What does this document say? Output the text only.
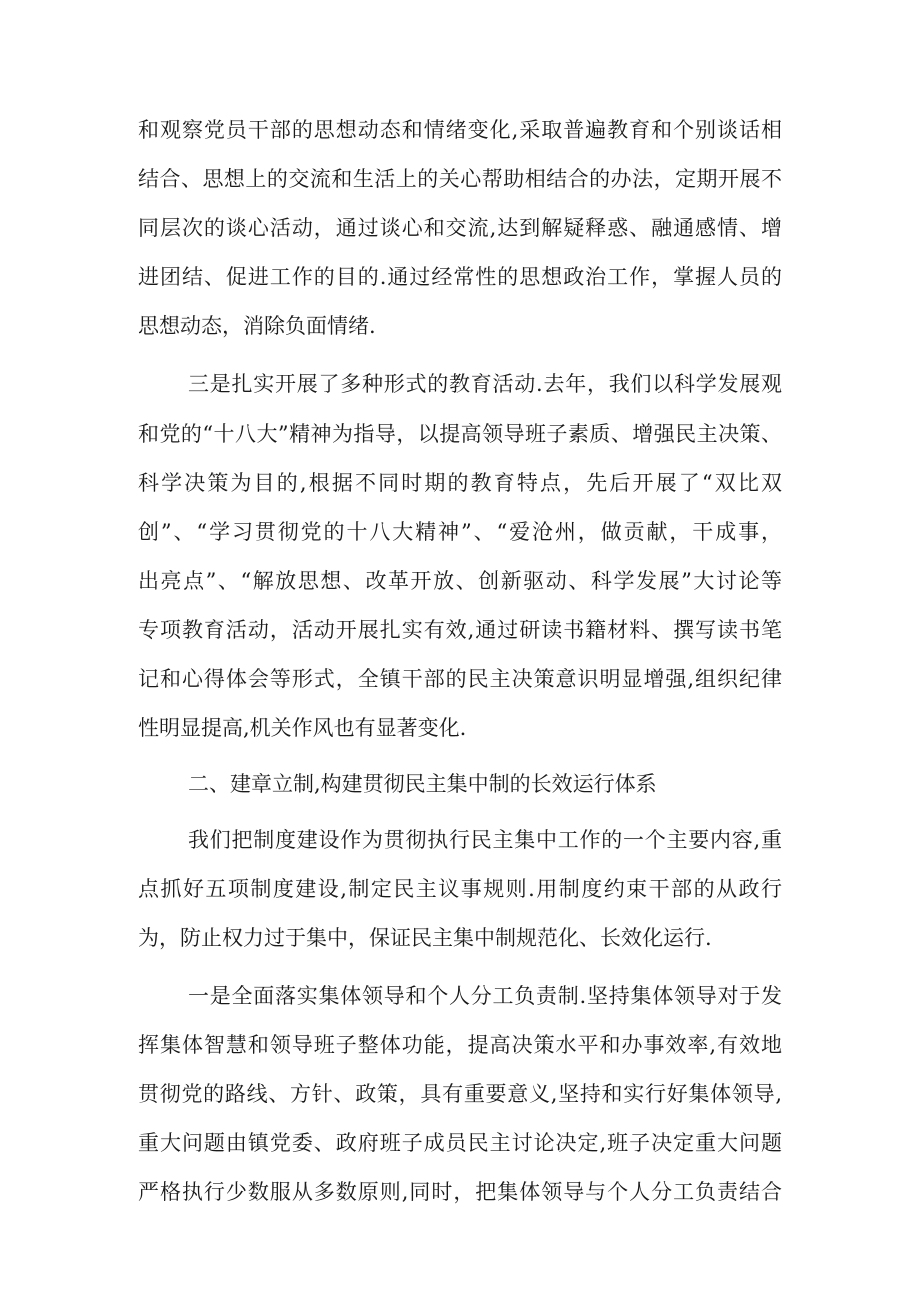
和观察党员干部的思想动态和情绪变化,采取普遍教育和个别谈话相
结合、思想上的交流和生活上的关心帮助相结合的办法，定期开展不
同层次的谈心活动，通过谈心和交流,达到解疑释惑、融通感情、增
进团结、促进工作的目的.通过经常性的思想政治工作，掌握人员的
思想动态，消除负面情绪.
三是扎实开展了多种形式的教育活动.去年，我们以科学发展观
和党的“十八大”精神为指导，以提高领导班子素质、增强民主决策、
科学决策为目的,根据不同时期的教育特点，先后开展了“双比双
创”、“学习贯彻党的十八大精神”、“爱沧州，做贡献，干成事，
出亮点”、“解放思想、改革开放、创新驱动、科学发展”大讨论等
专项教育活动，活动开展扎实有效,通过研读书籍材料、撰写读书笔
记和心得体会等形式，全镇干部的民主决策意识明显增强,组织纪律
性明显提高,机关作风也有显著变化.
二、建章立制,构建贯彻民主集中制的长效运行体系
我们把制度建设作为贯彻执行民主集中工作的一个主要内容,重
点抓好五项制度建设,制定民主议事规则.用制度约束干部的从政行
为，防止权力过于集中，保证民主集中制规范化、长效化运行.
一是全面落实集体领导和个人分工负责制.坚持集体领导对于发
挥集体智慧和领导班子整体功能，提高决策水平和办事效率,有效地
贯彻党的路线、方针、政策，具有重要意义,坚持和实行好集体领导,
重大问题由镇党委、政府班子成员民主讨论决定,班子决定重大问题
严格执行少数服从多数原则,同时，把集体领导与个人分工负责结合
